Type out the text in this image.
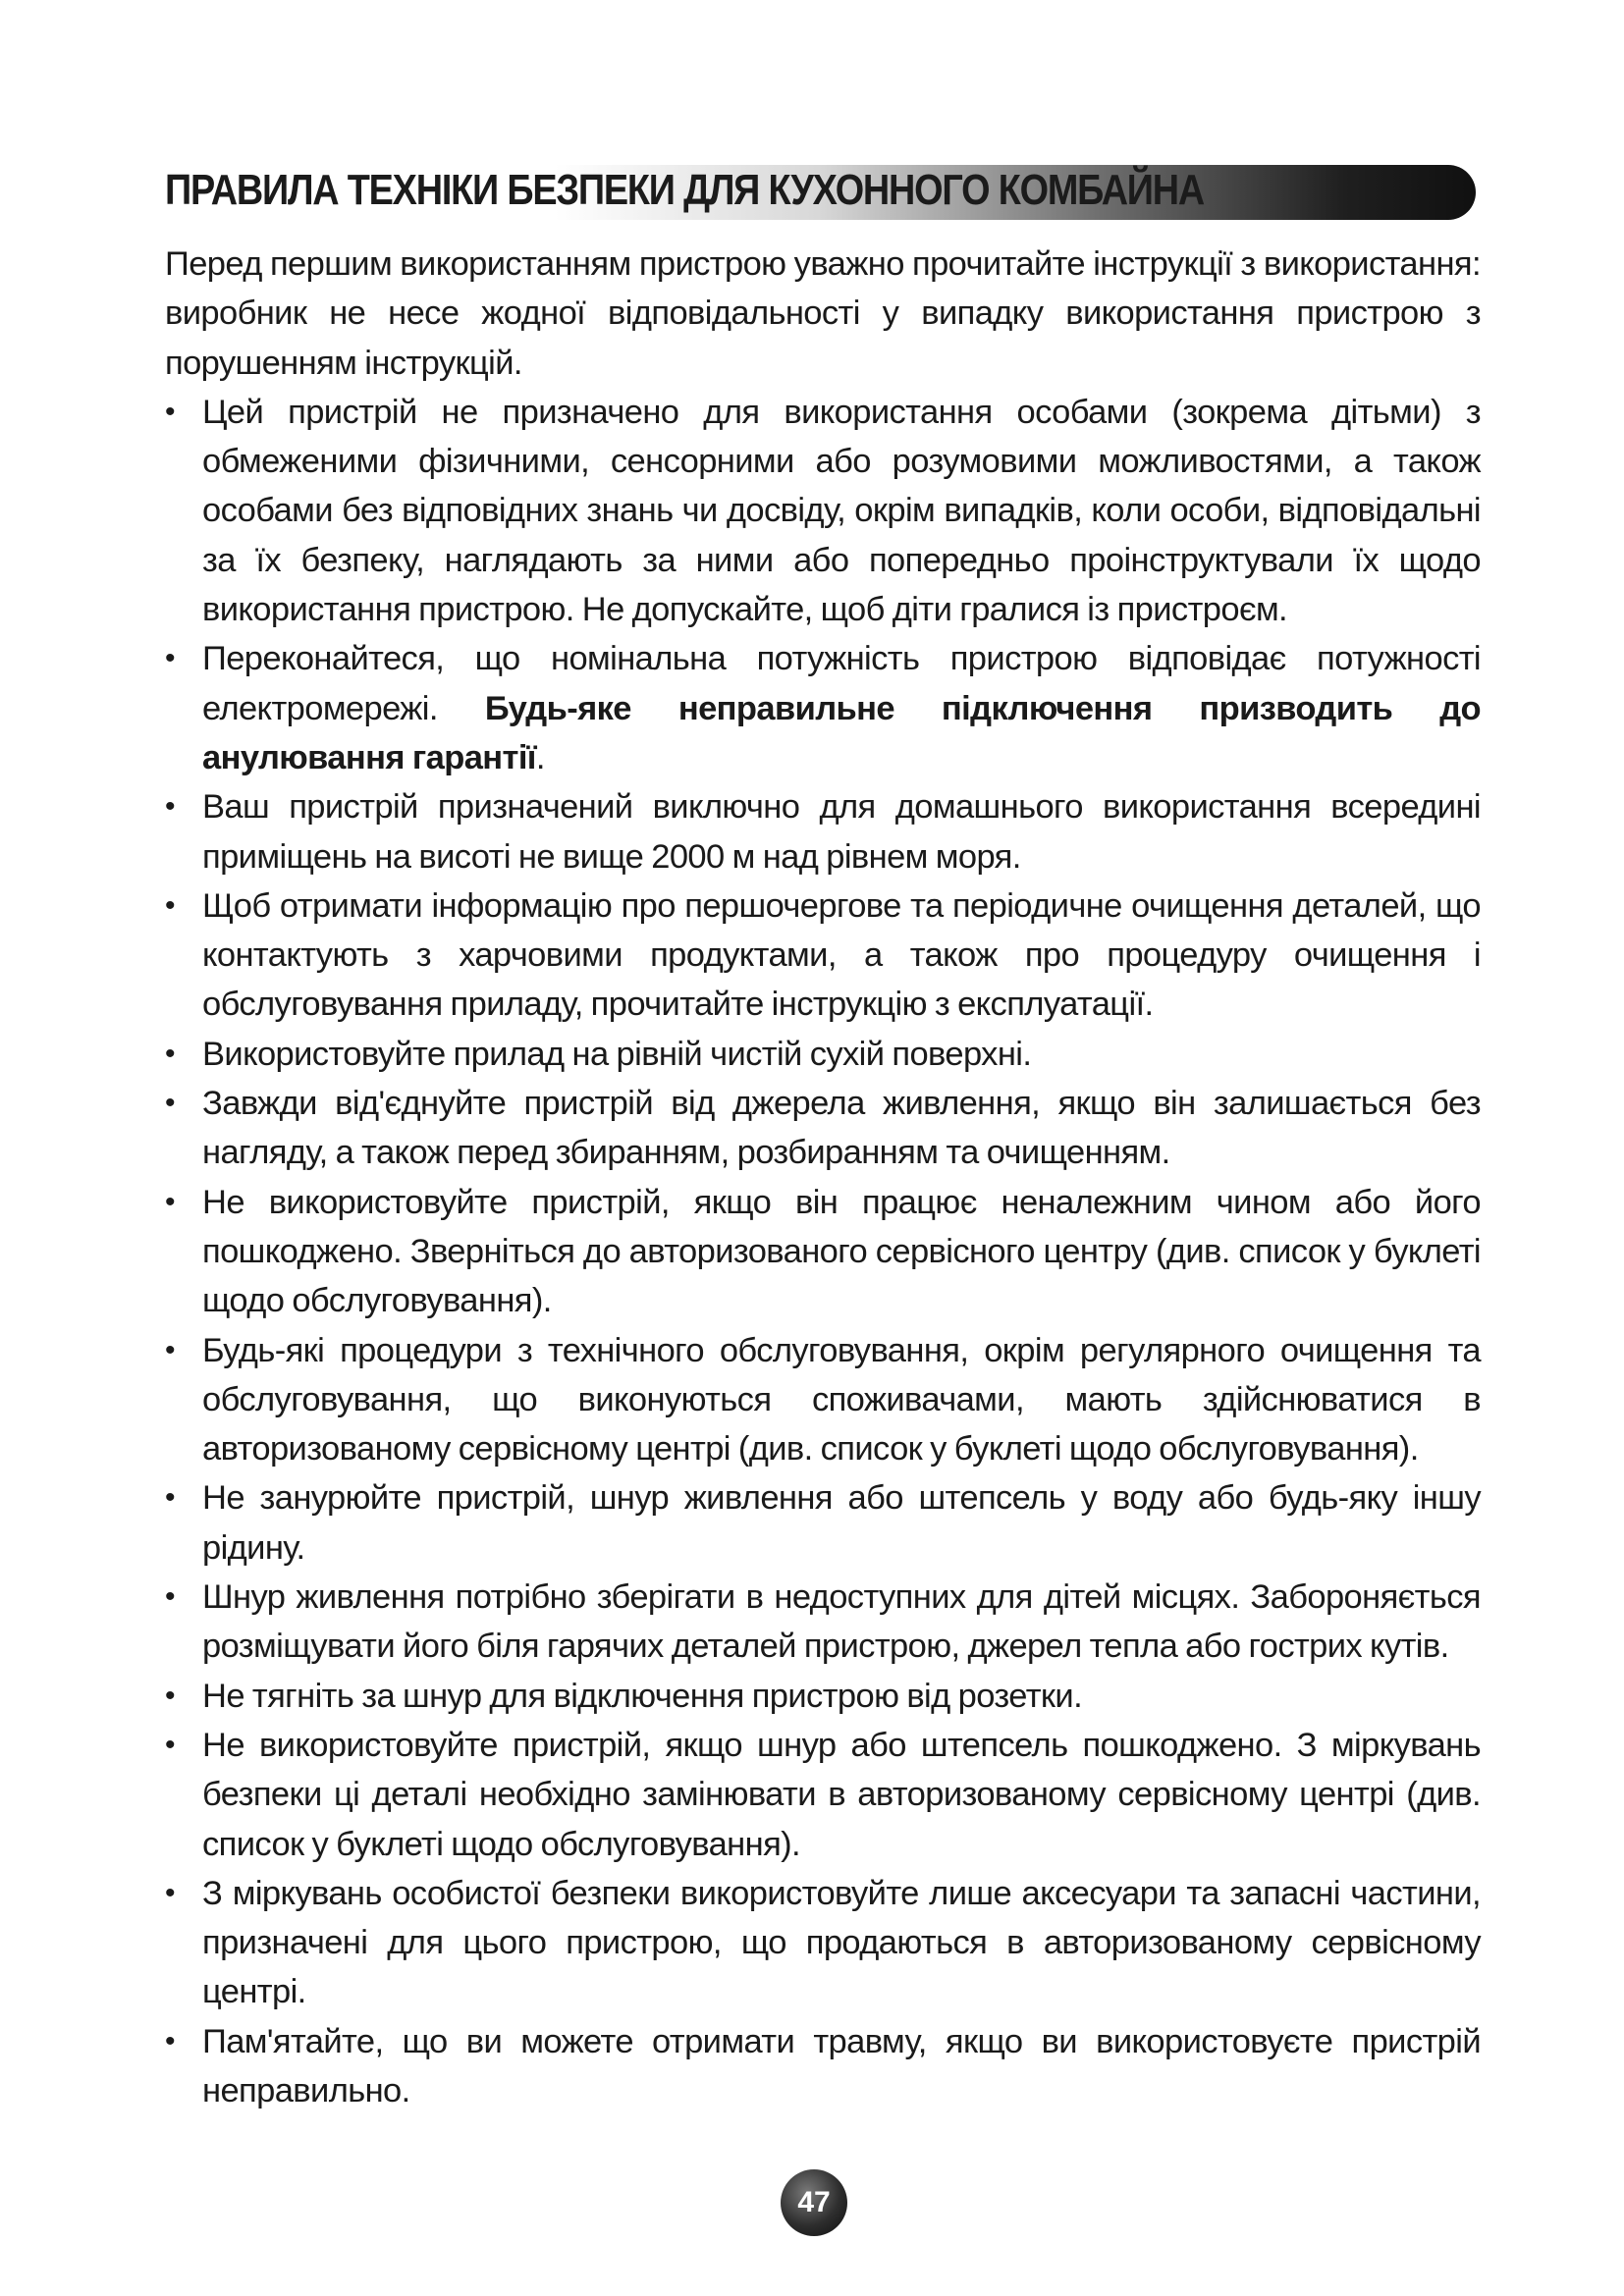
ПРАВИЛА ТЕХНІКИ БЕЗПЕКИ ДЛЯ КУХОННОГО КОМБАЙНА

Перед першим використанням пристрою уважно прочитайте інструкції з використання: виробник не несе жодної відповідальності у випадку використання пристрою з порушенням інструкцій.

• Цей пристрій не призначено для використання особами (зокрема дітьми) з обмеженими фізичними, сенсорними або розумовими можливостями, а також особами без відповідних знань чи досвіду, окрім випадків, коли особи, відповідальні за їх безпеку, наглядають за ними або попередньо проінструктували їх щодо використання пристрою. Не допускайте, щоб діти гралися із пристроєм.
• Переконайтеся, що номінальна потужність пристрою відповідає потужності електромережі. Будь-яке неправильне підключення призводить до анулювання гарантії.
• Ваш пристрій призначений виключно для домашнього використання всередині приміщень на висоті не вище 2000 м над рівнем моря.
• Щоб отримати інформацію про першочергове та періодичне очищення деталей, що контактують з харчовими продуктами, а також про процедуру очищення і обслуговування приладу, прочитайте інструкцію з експлуатації.
• Використовуйте прилад на рівній чистій сухій поверхні.
• Завжди від'єднуйте пристрій від джерела живлення, якщо він залишається без нагляду, а також перед збиранням, розбиранням та очищенням.
• Не використовуйте пристрій, якщо він працює неналежним чином або його пошкоджено. Зверніться до авторизованого сервісного центру (див. список у буклеті щодо обслуговування).
• Будь-які процедури з технічного обслуговування, окрім регулярного очищення та обслуговування, що виконуються споживачами, мають здійснюватися в авторизованому сервісному центрі (див. список у буклеті щодо обслуговування).
• Не занурюйте пристрій, шнур живлення або штепсель у воду або будь-яку іншу рідину.
• Шнур живлення потрібно зберігати в недоступних для дітей місцях. Забороняється розміщувати його біля гарячих деталей пристрою, джерел тепла або гострих кутів.
• Не тягніть за шнур для відключення пристрою від розетки.
• Не використовуйте пристрій, якщо шнур або штепсель пошкоджено. З міркувань безпеки ці деталі необхідно замінювати в авторизованому сервісному центрі (див. список у буклеті щодо обслуговування).
• З міркувань особистої безпеки використовуйте лише аксесуари та запасні частини, призначені для цього пристрою, що продаються в авторизованому сервісному центрі.
• Пам'ятайте, що ви можете отримати травму, якщо ви використовуєте пристрій неправильно.
47
